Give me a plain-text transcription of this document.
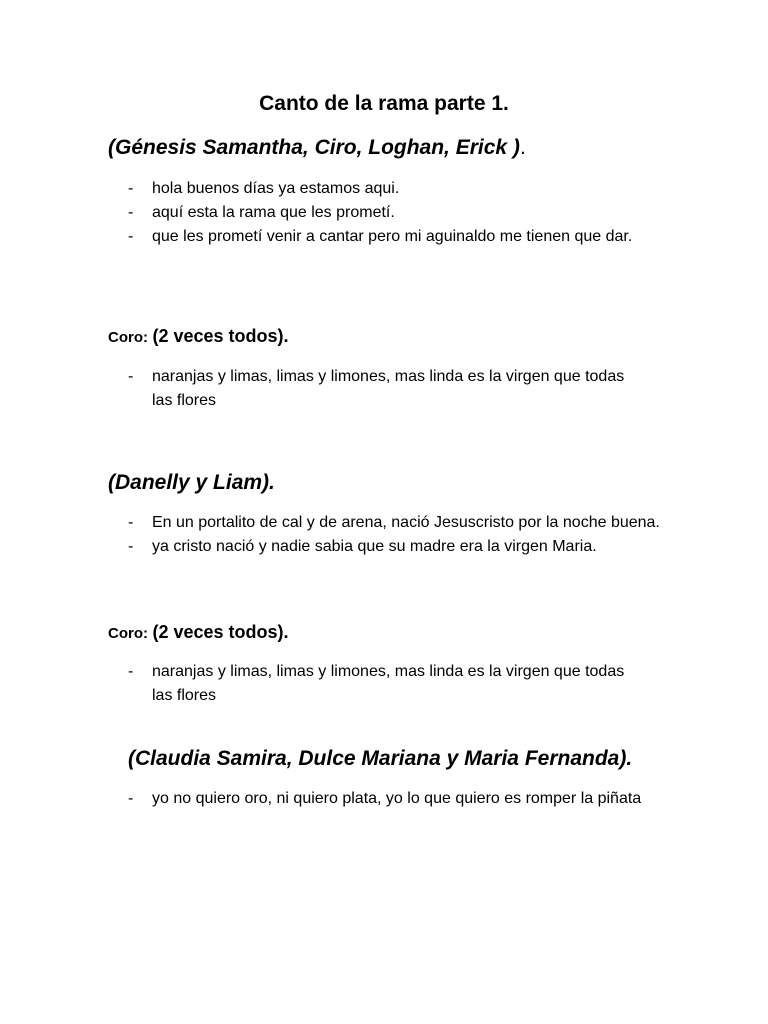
Canto de la rama parte 1.
(Génesis Samantha, Ciro, Loghan, Erick ).
- hola buenos días ya estamos aqui.
- aquí esta la rama que les prometí.
- que les prometí venir a cantar pero mi aguinaldo me tienen que dar.
Coro: (2 veces todos).
- naranjas y limas, limas y limones, mas linda es la virgen que todas las flores
(Danelly y Liam).
- En un portalito de cal y de arena, nació Jesuscristo por la noche buena.
- ya cristo nació y nadie sabia que su madre era la virgen Maria.
Coro: (2 veces todos).
- naranjas y limas, limas y limones, mas linda es la virgen que todas las flores
(Claudia Samira, Dulce Mariana y Maria Fernanda).
- yo no quiero oro, ni quiero plata, yo lo que quiero es romper la piñata
